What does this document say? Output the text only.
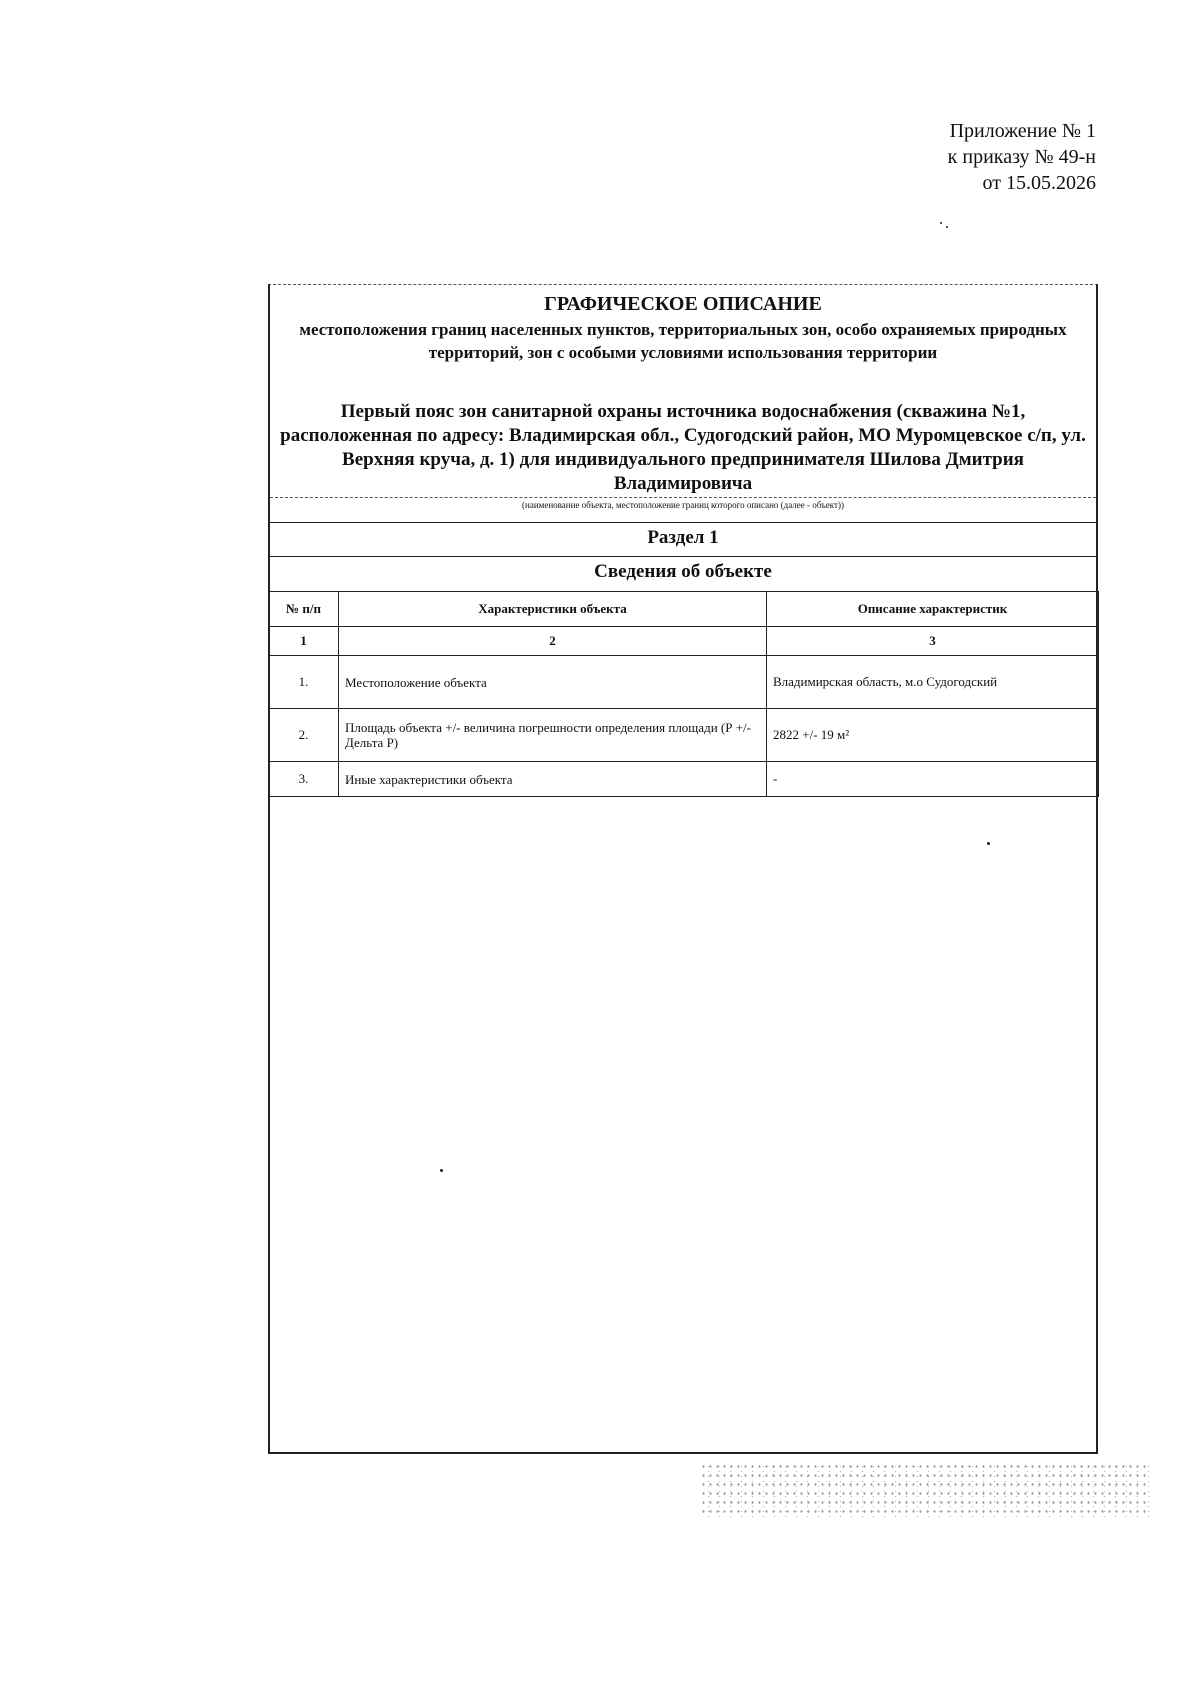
Приложение № 1
к приказу № 49-н
от 15.05.2026
ГРАФИЧЕСКОЕ ОПИСАНИЕ
местоположения границ населенных пунктов, территориальных зон, особо охраняемых природных территорий, зон с особыми условиями использования территории
Первый пояс зон санитарной охраны источника водоснабжения (скважина №1, расположенная по адресу: Владимирская обл., Судогодский район, МО Муромцевское с/п, ул. Верхняя круча, д. 1) для индивидуального предпринимателя Шилова Дмитрия Владимировича
(наименование объекта, местоположение границ которого описано (далее - объект))
Раздел 1
Сведения об объекте
№ п/п	Характеристики объекта	Описание характеристик
1	2	3
1.	Местоположение объекта	Владимирская область, м.о Судогодский
2.	Площадь объекта +/- величина погрешности определения площади (Р +/- Дельта Р)	2822 +/- 19 м²
3.	Иные характеристики объекта	-
